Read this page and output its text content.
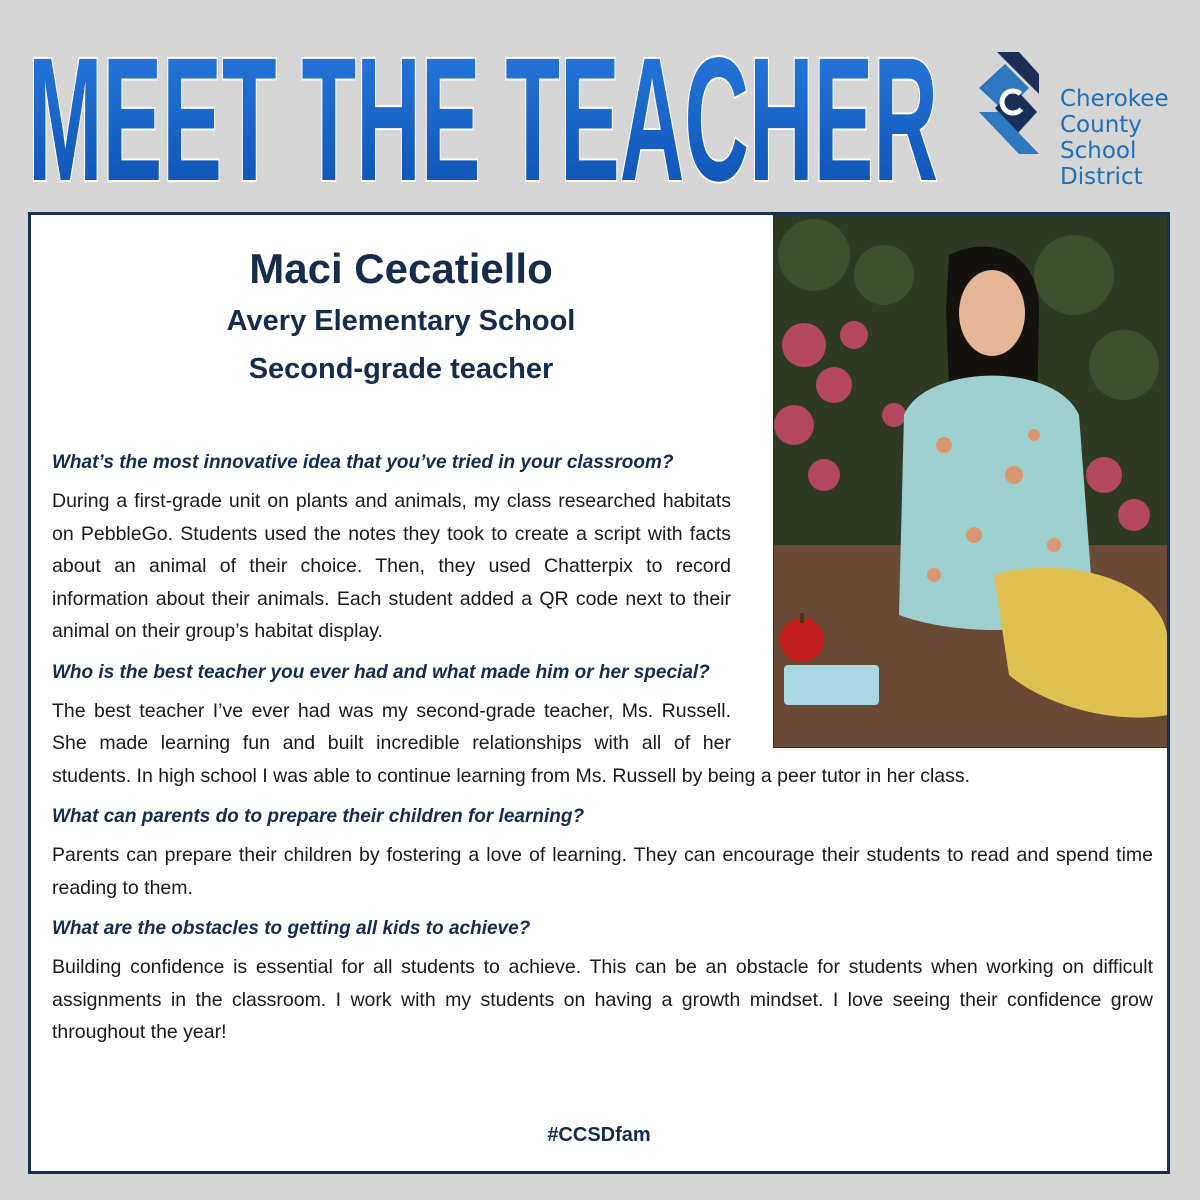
MEET THE TEACHER	Cherokee
County
School
District
Maci Cecatiello
Avery Elementary School
Second-grade teacher

What’s the most innovative idea that you’ve tried in your classroom?

During a first-grade unit on plants and animals, my class researched habitats on PebbleGo. Students used the notes they took to create a script with facts about an animal of their choice. Then, they used Chatterpix to record information about their animals. Each student added a QR code next to their animal on their group’s habitat display.

Who is the best teacher you ever had and what made him or her special?

The best teacher I’ve ever had was my second-grade teacher, Ms. Russell. She made learning fun and built incredible relationships with all of her students. In high school I was able to continue learning from Ms. Russell by being a peer tutor in her class.

What can parents do to prepare their children for learning?

Parents can prepare their children by fostering a love of learning. They can encourage their students to read and spend time reading to them.

What are the obstacles to getting all kids to achieve?

Building confidence is essential for all students to achieve. This can be an obstacle for students when working on difficult assignments in the classroom. I work with my students on having a growth mindset. I love seeing their confidence grow throughout the year!

#CCSDfam
